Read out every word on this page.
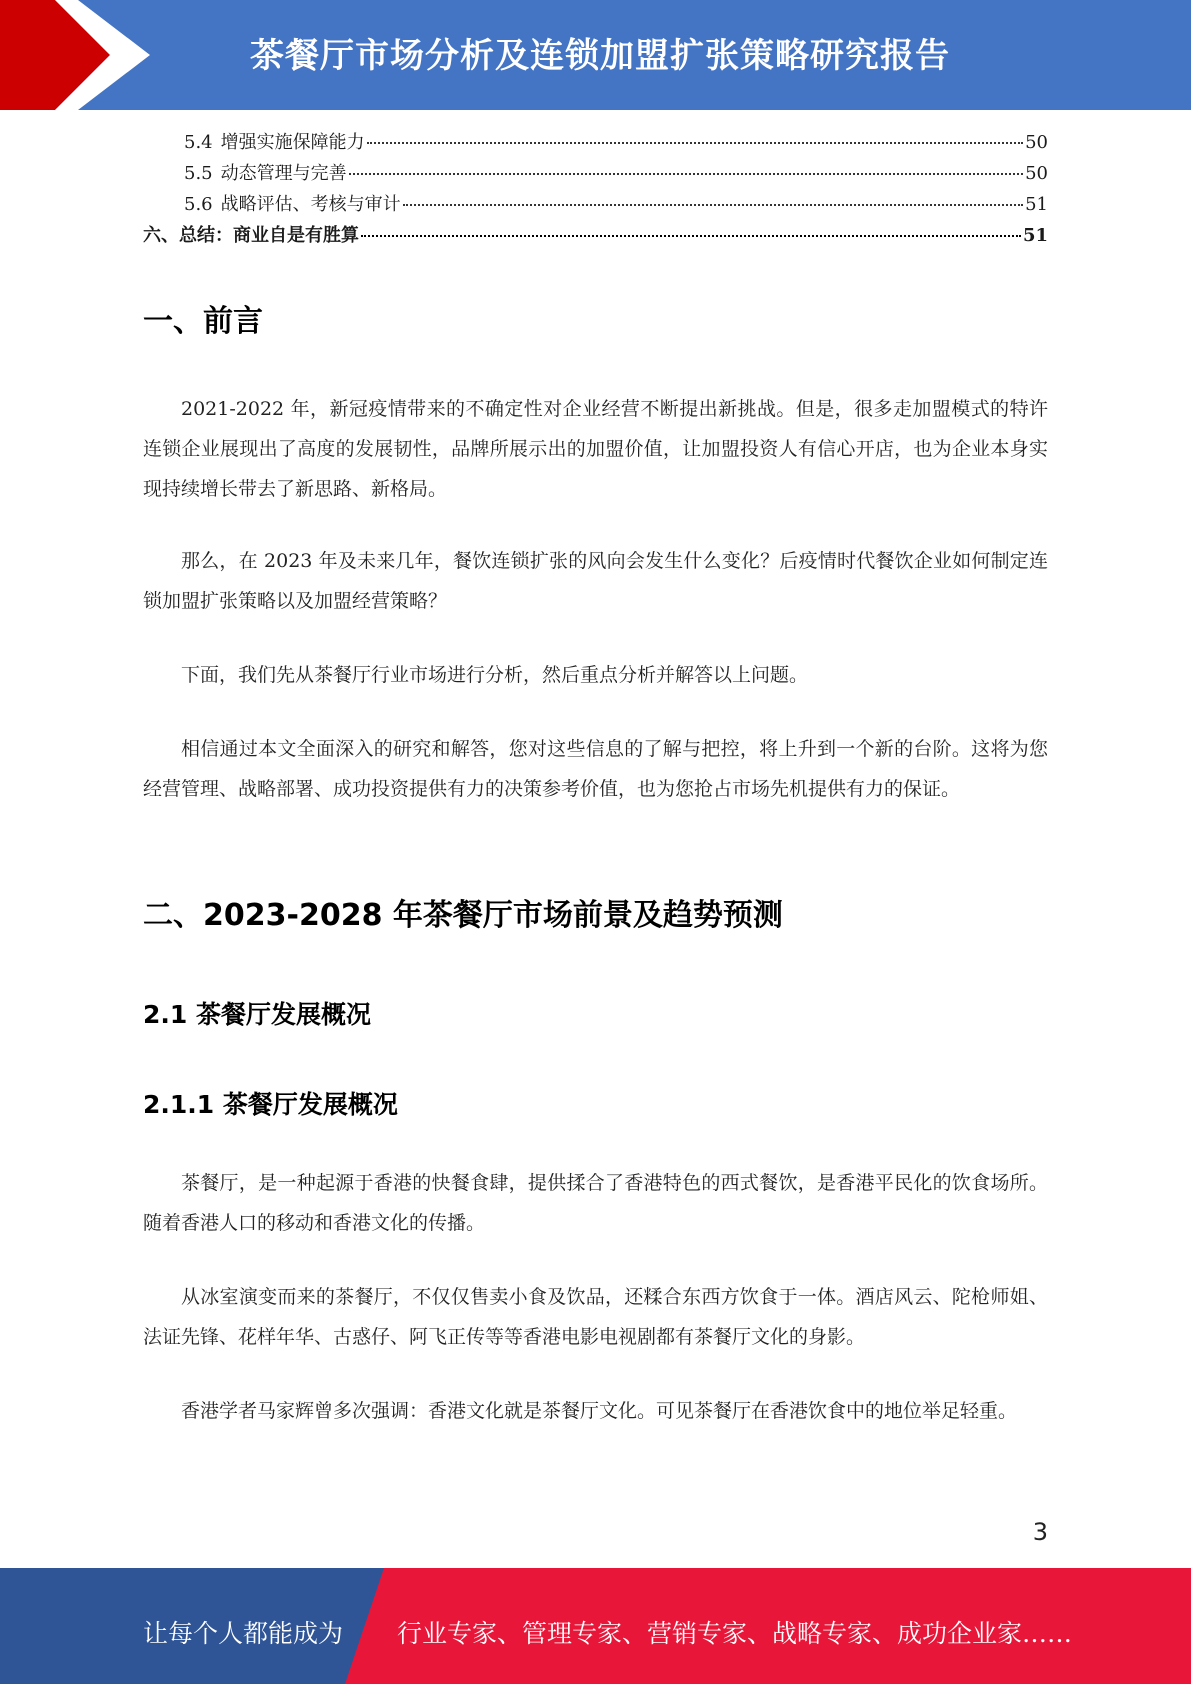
茶餐厅市场分析及连锁加盟扩张策略研究报告
5.4 增强实施保障能力	50
5.5 动态管理与完善	50
5.6 战略评估、考核与审计	51
六、总结：商业自是有胜算	51
一、前言

2021-2022 年，新冠疫情带来的不确定性对企业经营不断提出新挑战。但是，很多走加盟模式的特许连锁企业展现出了高度的发展韧性，品牌所展示出的加盟价值，让加盟投资人有信心开店，也为企业本身实现持续增长带去了新思路、新格局。

那么，在 2023 年及未来几年，餐饮连锁扩张的风向会发生什么变化？后疫情时代餐饮企业如何制定连锁加盟扩张策略以及加盟经营策略？

下面，我们先从茶餐厅行业市场进行分析，然后重点分析并解答以上问题。

相信通过本文全面深入的研究和解答，您对这些信息的了解与把控，将上升到一个新的台阶。这将为您经营管理、战略部署、成功投资提供有力的决策参考价值，也为您抢占市场先机提供有力的保证。

二、2023-2028 年茶餐厅市场前景及趋势预测
2.1 茶餐厅发展概况
2.1.1 茶餐厅发展概况

茶餐厅，是一种起源于香港的快餐食肆，提供揉合了香港特色的西式餐饮，是香港平民化的饮食场所。随着香港人口的移动和香港文化的传播。

从冰室演变而来的茶餐厅，不仅仅售卖小食及饮品，还糅合东西方饮食于一体。酒店风云、陀枪师姐、法证先锋、花样年华、古惑仔、阿飞正传等等香港电影电视剧都有茶餐厅文化的身影。

香港学者马家辉曾多次强调：香港文化就是茶餐厅文化。可见茶餐厅在香港饮食中的地位举足轻重。

3
让每个人都能成为 行业专家、管理专家、营销专家、战略专家、成功企业家……
